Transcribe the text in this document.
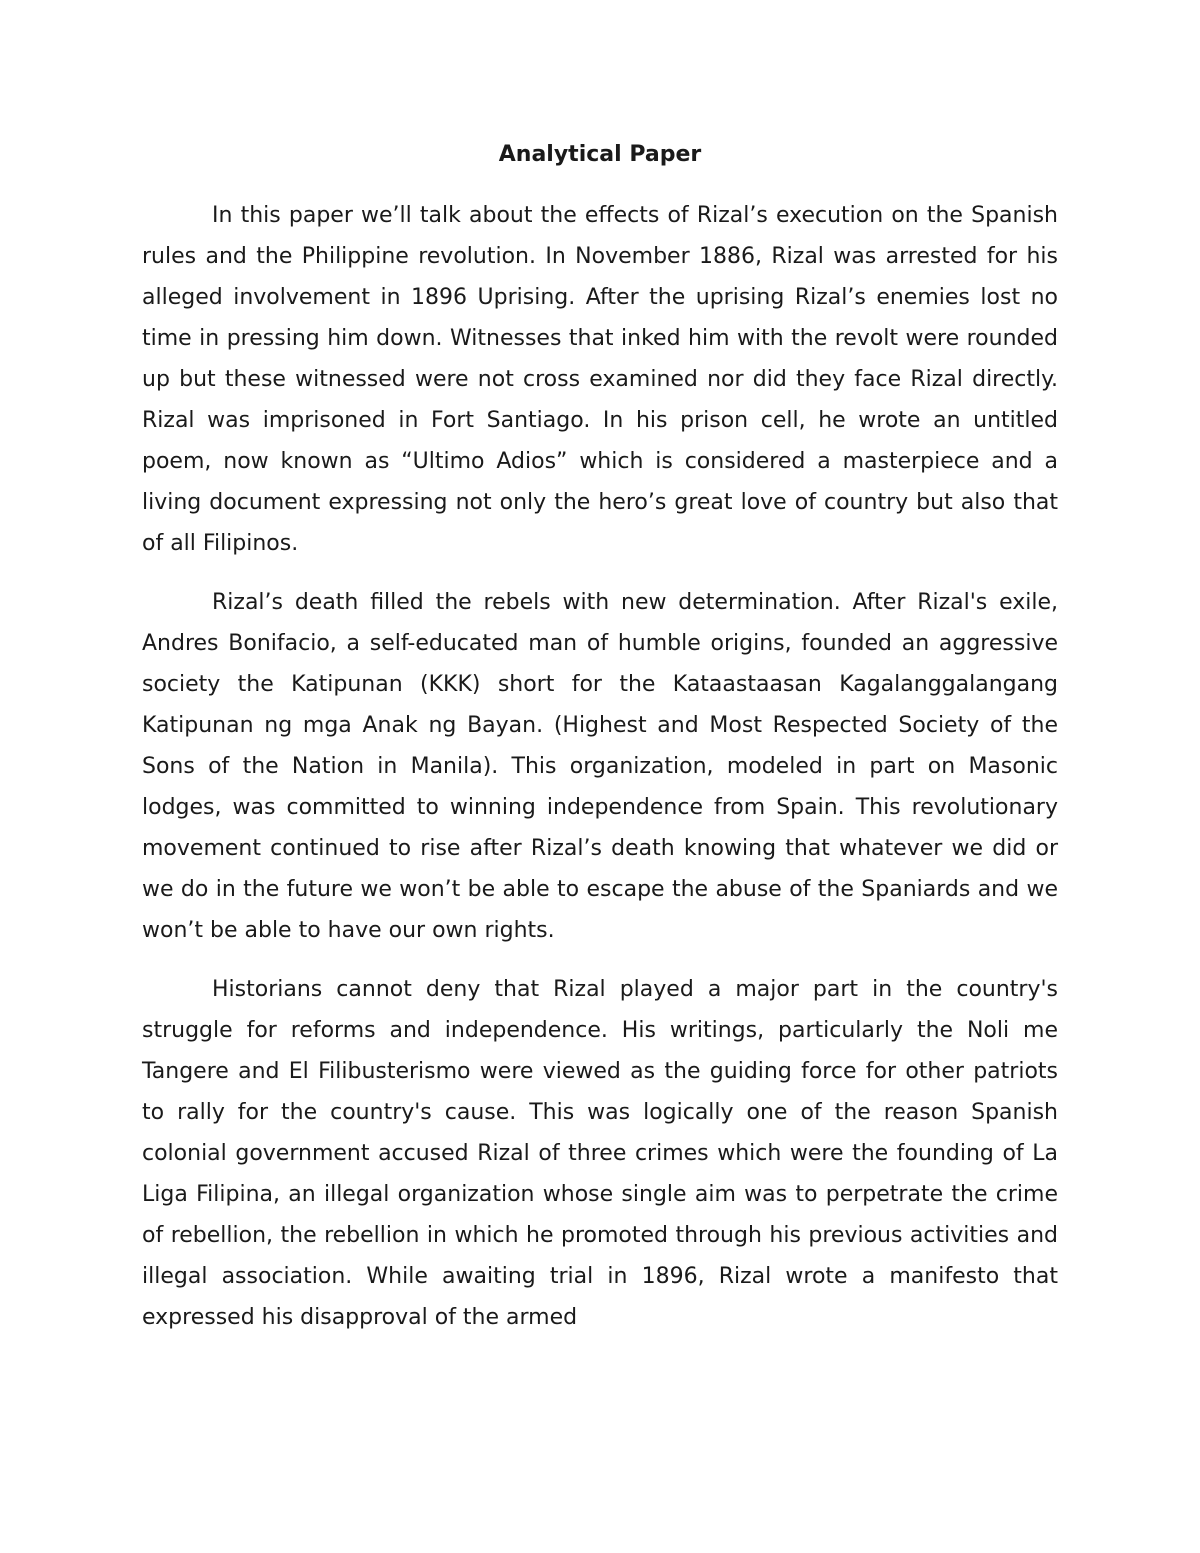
Analytical Paper

In this paper we’ll talk about the effects of Rizal’s execution on the Spanish rules and the Philippine revolution. In November 1886, Rizal was arrested for his alleged involvement in 1896 Uprising. After the uprising Rizal’s enemies lost no time in pressing him down. Witnesses that inked him with the revolt were rounded up but these witnessed were not cross examined nor did they face Rizal directly. Rizal was imprisoned in Fort Santiago. In his prison cell, he wrote an untitled poem, now known as “Ultimo Adios” which is considered a masterpiece and a living document expressing not only the hero’s great love of country but also that of all Filipinos.

Rizal’s death filled the rebels with new determination. After Rizal's exile, Andres Bonifacio, a self-educated man of humble origins, founded an aggressive society the Katipunan (KKK) short for the Kataastaasan Kagalanggalangang Katipunan ng mga Anak ng Bayan. (Highest and Most Respected Society of the Sons of the Nation in Manila). This organization, modeled in part on Masonic lodges, was committed to winning independence from Spain. This revolutionary movement continued to rise after Rizal’s death knowing that whatever we did or we do in the future we won’t be able to escape the abuse of the Spaniards and we won’t be able to have our own rights.

Historians cannot deny that Rizal played a major part in the country's struggle for reforms and independence. His writings, particularly the Noli me Tangere and El Filibusterismo were viewed as the guiding force for other patriots to rally for the country's cause. This was logically one of the reason Spanish colonial government accused Rizal of three crimes which were the founding of La Liga Filipina, an illegal organization whose single aim was to perpetrate the crime of rebellion, the rebellion in which he promoted through his previous activities and illegal association. While awaiting trial in 1896, Rizal wrote a manifesto that expressed his disapproval of the armed
